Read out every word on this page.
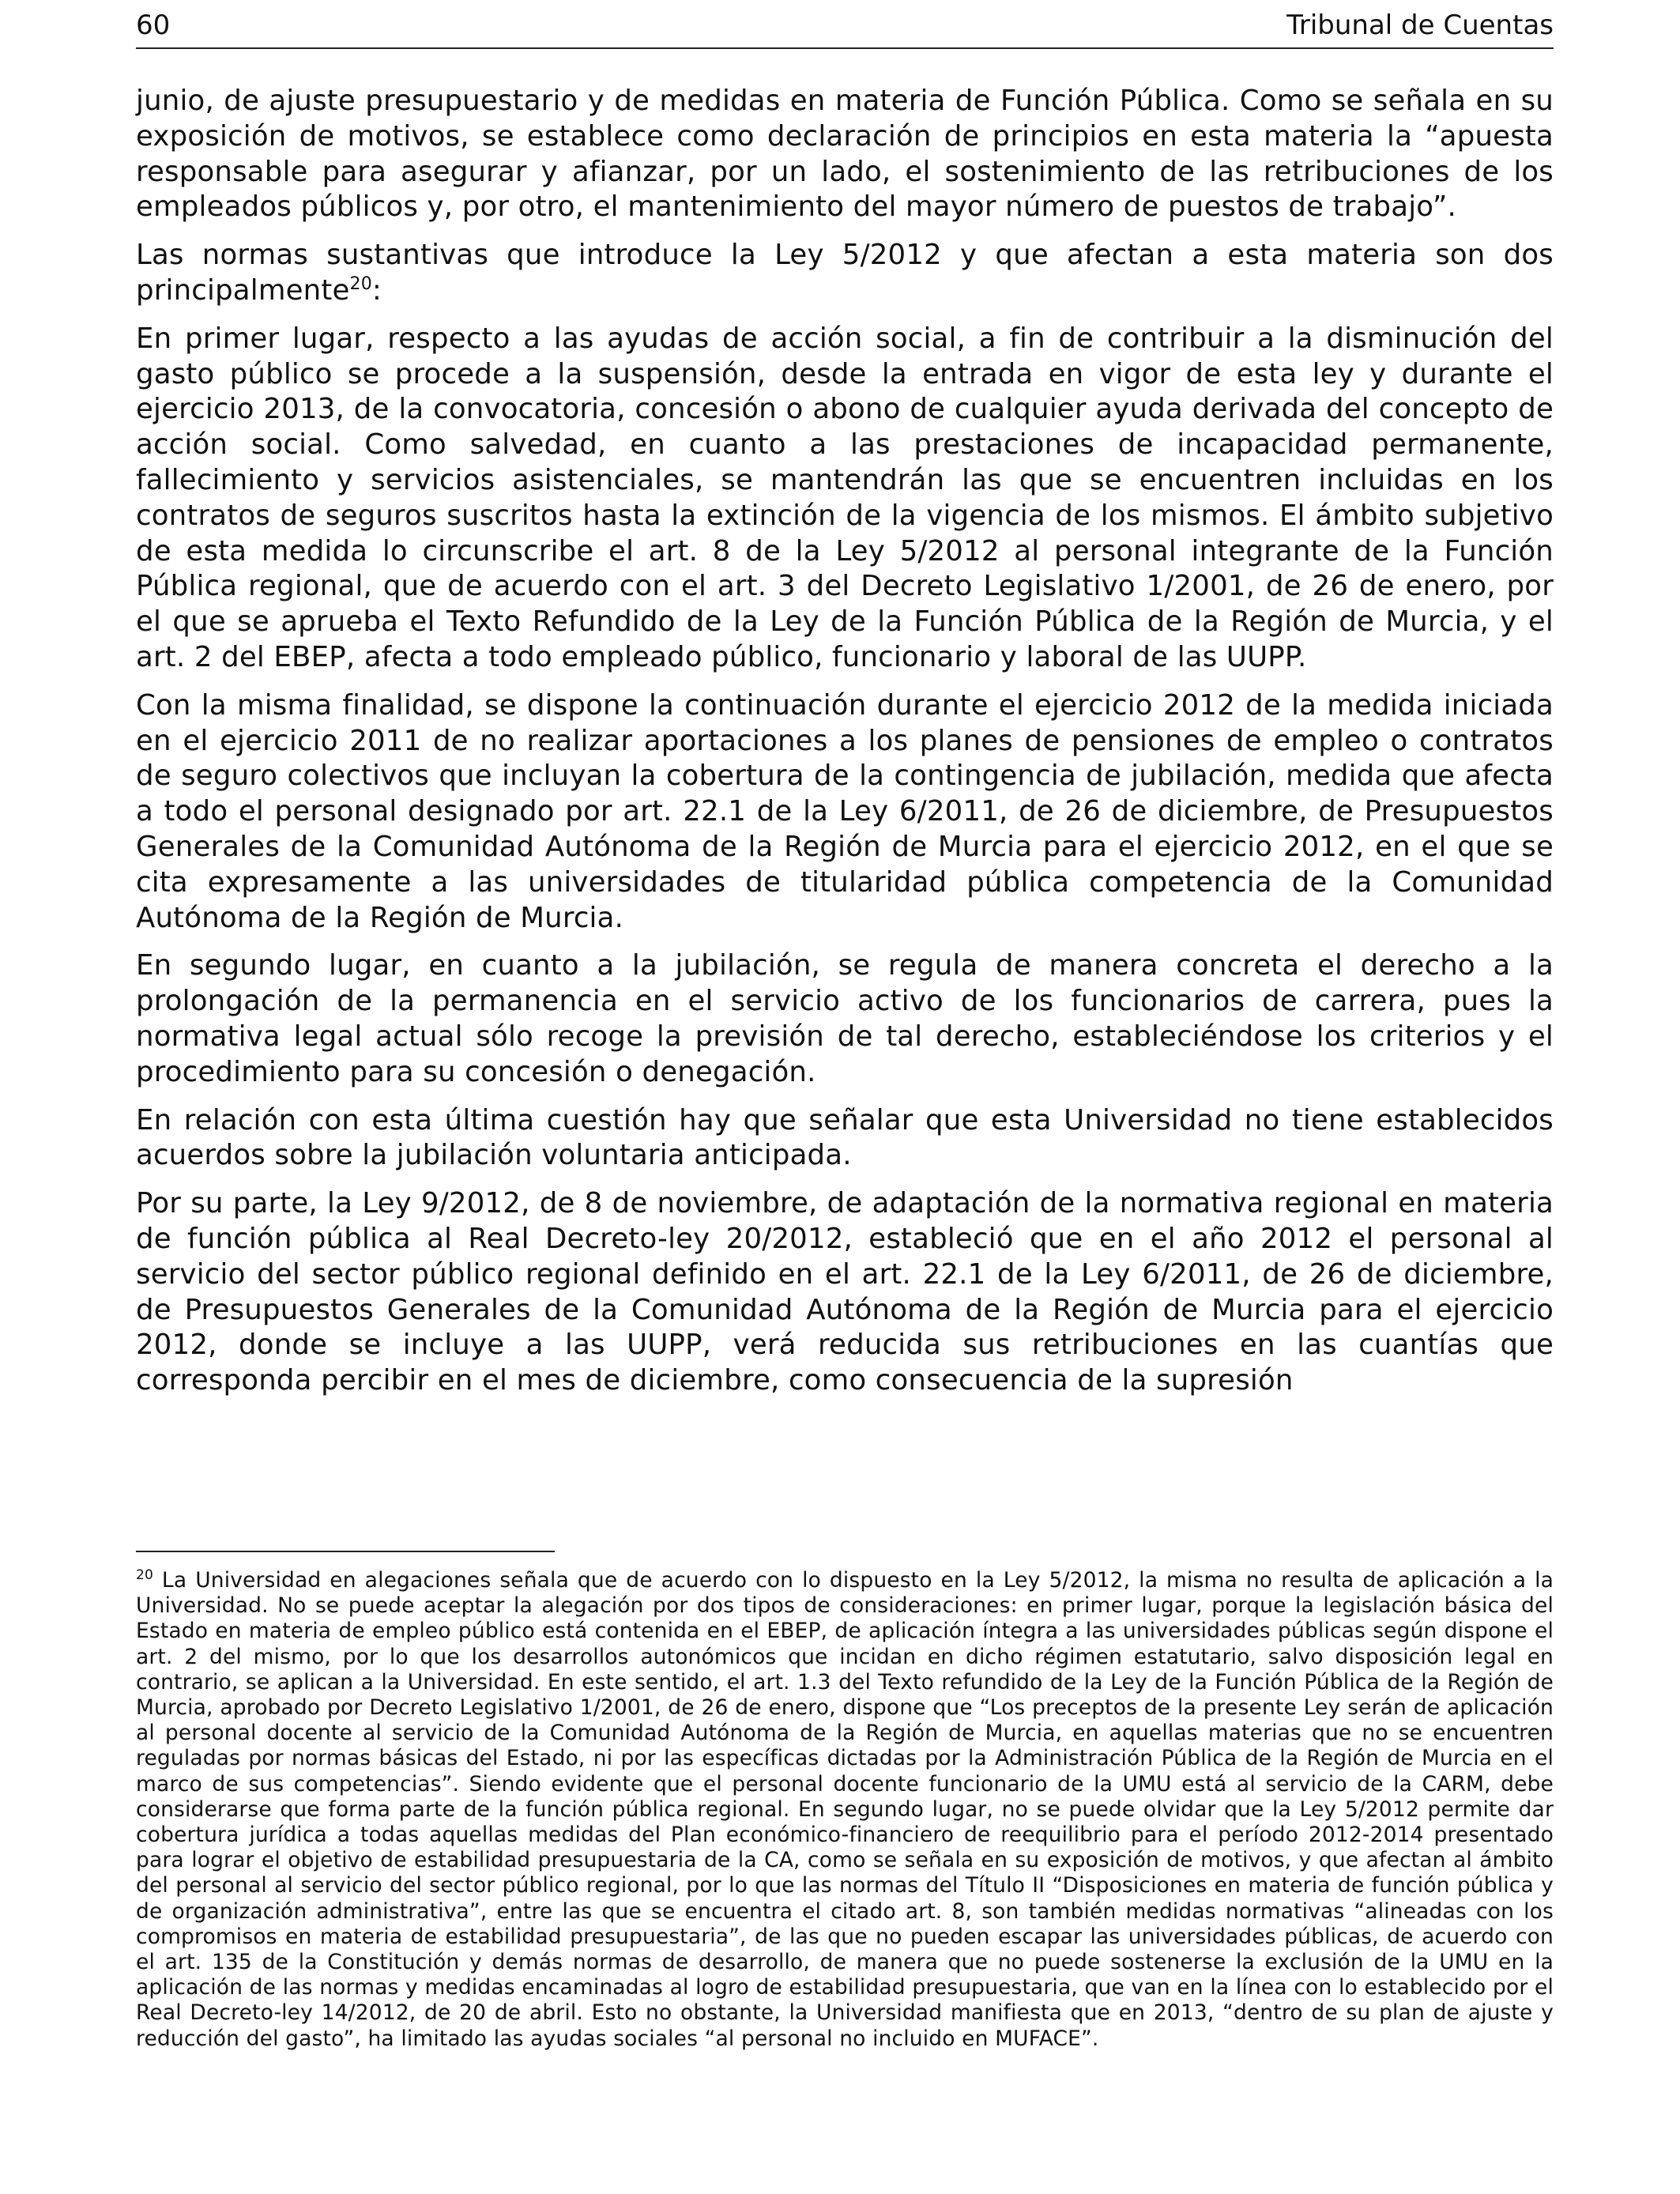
60	Tribunal de Cuentas

junio, de ajuste presupuestario y de medidas en materia de Función Pública. Como se señala en su exposición de motivos, se establece como declaración de principios en esta materia la “apuesta responsable para asegurar y afianzar, por un lado, el sostenimiento de las retribuciones de los empleados públicos y, por otro, el mantenimiento del mayor número de puestos de trabajo”.

Las normas sustantivas que introduce la Ley 5/2012 y que afectan a esta materia son dos principalmente$^{20}$:

En primer lugar, respecto a las ayudas de acción social, a fin de contribuir a la disminución del gasto público se procede a la suspensión, desde la entrada en vigor de esta ley y durante el ejercicio 2013, de la convocatoria, concesión o abono de cualquier ayuda derivada del concepto de acción social. Como salvedad, en cuanto a las prestaciones de incapacidad permanente, fallecimiento y servicios asistenciales, se mantendrán las que se encuentren incluidas en los contratos de seguros suscritos hasta la extinción de la vigencia de los mismos. El ámbito subjetivo de esta medida lo circunscribe el art. 8 de la Ley 5/2012 al personal integrante de la Función Pública regional, que de acuerdo con el art. 3 del Decreto Legislativo 1/2001, de 26 de enero, por el que se aprueba el Texto Refundido de la Ley de la Función Pública de la Región de Murcia, y el art. 2 del EBEP, afecta a todo empleado público, funcionario y laboral de las UUPP.

Con la misma finalidad, se dispone la continuación durante el ejercicio 2012 de la medida iniciada en el ejercicio 2011 de no realizar aportaciones a los planes de pensiones de empleo o contratos de seguro colectivos que incluyan la cobertura de la contingencia de jubilación, medida que afecta a todo el personal designado por art. 22.1 de la Ley 6/2011, de 26 de diciembre, de Presupuestos Generales de la Comunidad Autónoma de la Región de Murcia para el ejercicio 2012, en el que se cita expresamente a las universidades de titularidad pública competencia de la Comunidad Autónoma de la Región de Murcia.

En segundo lugar, en cuanto a la jubilación, se regula de manera concreta el derecho a la prolongación de la permanencia en el servicio activo de los funcionarios de carrera, pues la normativa legal actual sólo recoge la previsión de tal derecho, estableciéndose los criterios y el procedimiento para su concesión o denegación.

En relación con esta última cuestión hay que señalar que esta Universidad no tiene establecidos acuerdos sobre la jubilación voluntaria anticipada.

Por su parte, la Ley 9/2012, de 8 de noviembre, de adaptación de la normativa regional en materia de función pública al Real Decreto-ley 20/2012, estableció que en el año 2012 el personal al servicio del sector público regional definido en el art. 22.1 de la Ley 6/2011, de 26 de diciembre, de Presupuestos Generales de la Comunidad Autónoma de la Región de Murcia para el ejercicio 2012, donde se incluye a las UUPP, verá reducida sus retribuciones en las cuantías que corresponda percibir en el mes de diciembre, como consecuencia de la supresión

$^{20}$ La Universidad en alegaciones señala que de acuerdo con lo dispuesto en la Ley 5/2012, la misma no resulta de aplicación a la Universidad. No se puede aceptar la alegación por dos tipos de consideraciones: en primer lugar, porque la legislación básica del Estado en materia de empleo público está contenida en el EBEP, de aplicación íntegra a las universidades públicas según dispone el art. 2 del mismo, por lo que los desarrollos autonómicos que incidan en dicho régimen estatutario, salvo disposición legal en contrario, se aplican a la Universidad. En este sentido, el art. 1.3 del Texto refundido de la Ley de la Función Pública de la Región de Murcia, aprobado por Decreto Legislativo 1/2001, de 26 de enero, dispone que “Los preceptos de la presente Ley serán de aplicación al personal docente al servicio de la Comunidad Autónoma de la Región de Murcia, en aquellas materias que no se encuentren reguladas por normas básicas del Estado, ni por las específicas dictadas por la Administración Pública de la Región de Murcia en el marco de sus competencias”. Siendo evidente que el personal docente funcionario de la UMU está al servicio de la CARM, debe considerarse que forma parte de la función pública regional. En segundo lugar, no se puede olvidar que la Ley 5/2012 permite dar cobertura jurídica a todas aquellas medidas del Plan económico-financiero de reequilibrio para el período 2012-2014 presentado para lograr el objetivo de estabilidad presupuestaria de la CA, como se señala en su exposición de motivos, y que afectan al ámbito del personal al servicio del sector público regional, por lo que las normas del Título II “Disposiciones en materia de función pública y de organización administrativa”, entre las que se encuentra el citado art. 8, son también medidas normativas “alineadas con los compromisos en materia de estabilidad presupuestaria”, de las que no pueden escapar las universidades públicas, de acuerdo con el art. 135 de la Constitución y demás normas de desarrollo, de manera que no puede sostenerse la exclusión de la UMU en la aplicación de las normas y medidas encaminadas al logro de estabilidad presupuestaria, que van en la línea con lo establecido por el Real Decreto-ley 14/2012, de 20 de abril. Esto no obstante, la Universidad manifiesta que en 2013, “dentro de su plan de ajuste y reducción del gasto”, ha limitado las ayudas sociales “al personal no incluido en MUFACE”.
